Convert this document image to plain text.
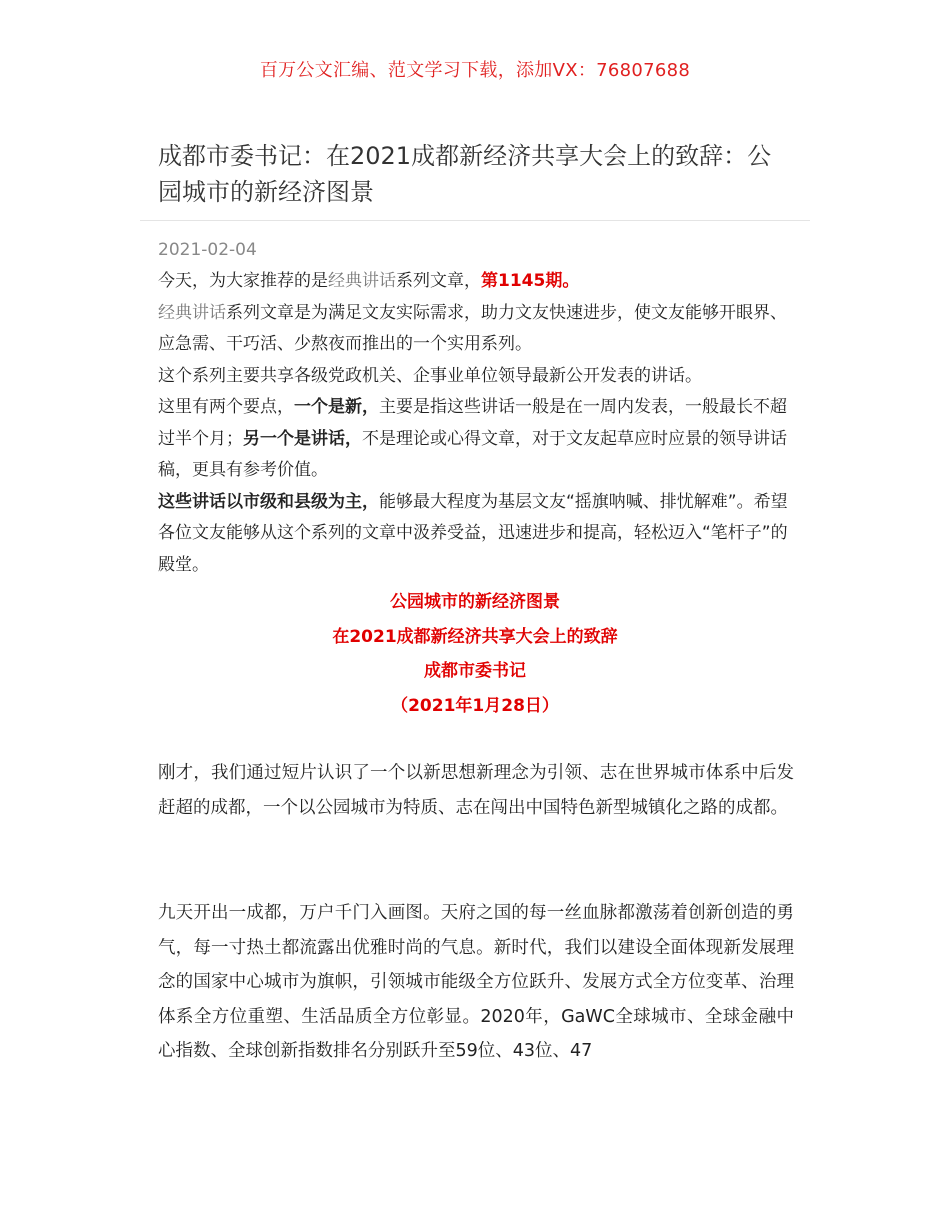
百万公文汇编、范文学习下载，添加VX：76807688
成都市委书记：在2021成都新经济共享大会上的致辞：公园城市的新经济图景
2021-02-04

今天，为大家推荐的是经典讲话系列文章，第1145期。

经典讲话系列文章是为满足文友实际需求，助力文友快速进步，使文友能够开眼界、应急需、干巧活、少熬夜而推出的一个实用系列。

这个系列主要共享各级党政机关、企事业单位领导最新公开发表的讲话。

这里有两个要点，一个是新，主要是指这些讲话一般是在一周内发表，一般最长不超过半个月；另一个是讲话，不是理论或心得文章，对于文友起草应时应景的领导讲话稿，更具有参考价值。

这些讲话以市级和县级为主，能够最大程度为基层文友“摇旗呐喊、排忧解难”。希望各位文友能够从这个系列的文章中汲养受益，迅速进步和提高，轻松迈入“笔杆子”的殿堂。

公园城市的新经济图景
在2021成都新经济共享大会上的致辞
成都市委书记
（2021年1月28日）

刚才，我们通过短片认识了一个以新思想新理念为引领、志在世界城市体系中后发赶超的成都，一个以公园城市为特质、志在闯出中国特色新型城镇化之路的成都。

九天开出一成都，万户千门入画图。天府之国的每一丝血脉都激荡着创新创造的勇气，每一寸热土都流露出优雅时尚的气息。新时代，我们以建设全面体现新发展理念的国家中心城市为旗帜，引领城市能级全方位跃升、发展方式全方位变革、治理体系全方位重塑、生活品质全方位彰显。2020年，GaWC全球城市、全球金融中心指数、全球创新指数排名分别跃升至59位、43位、47
